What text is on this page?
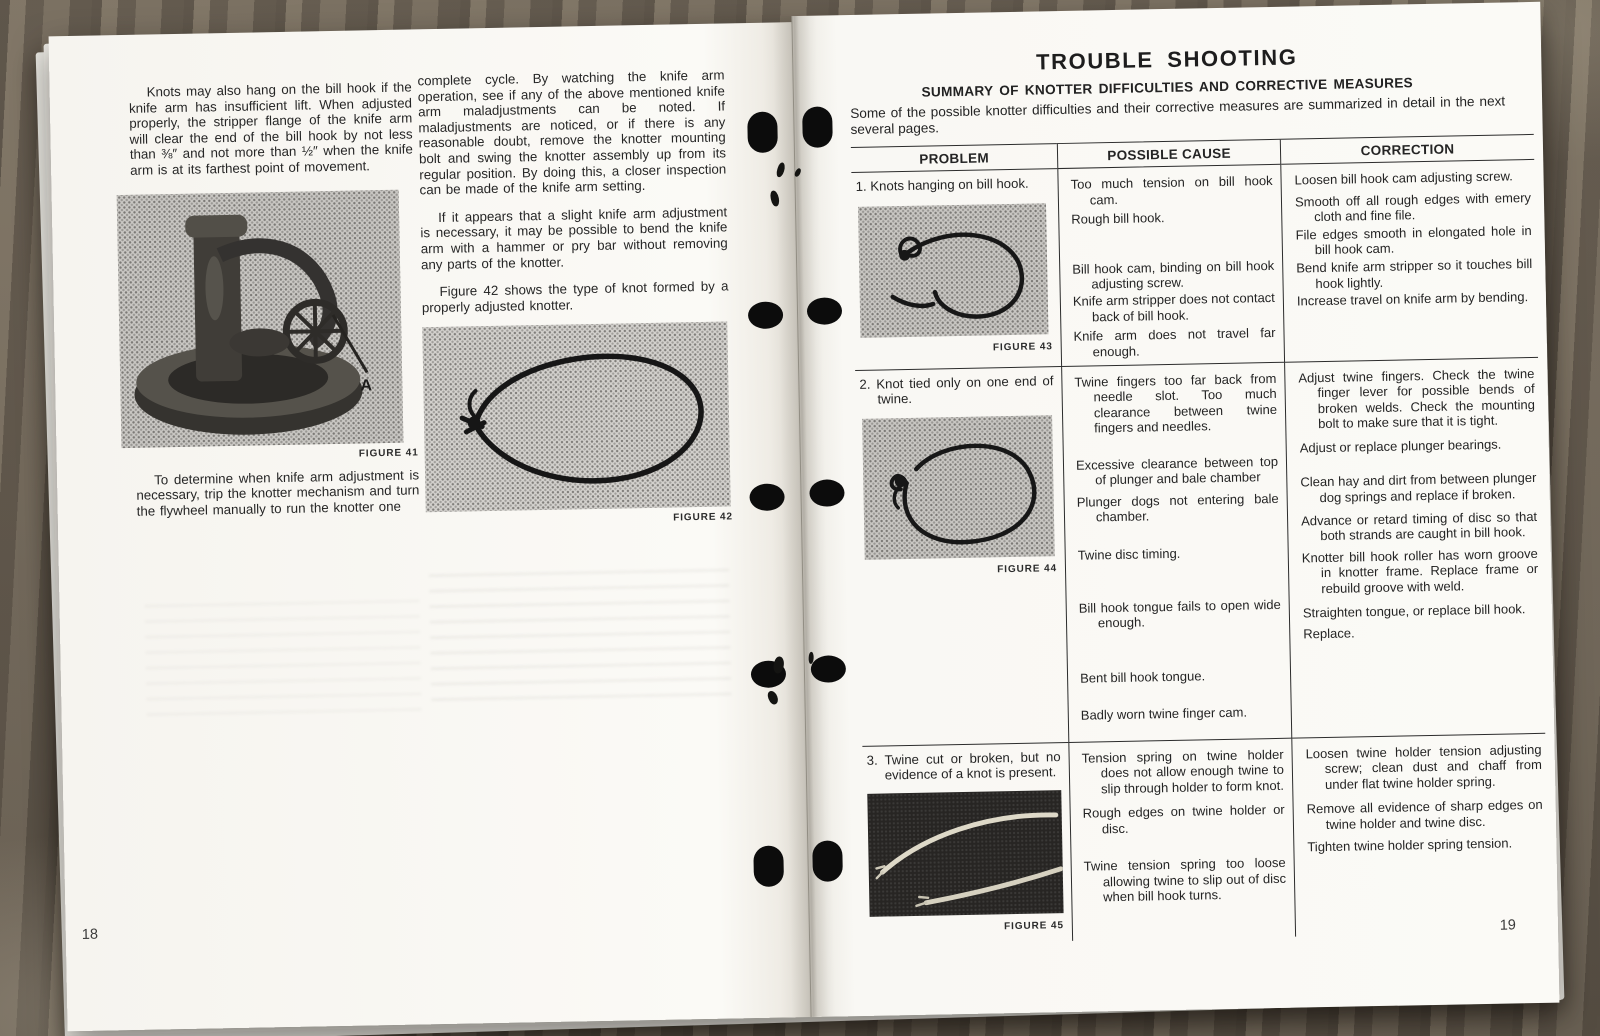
Knots may also hang on the bill hook if the knife arm has insufficient lift. When adjusted properly, the stripper flange of the knife arm will clear the end of the bill hook by not less than ⅜″ and not more than ½″ when the knife arm is at its farthest point of movement.

A
FIGURE 41

To determine when knife arm adjustment is necessary, trip the knotter mechanism and turn the flywheel manually to run the knotter one

complete cycle. By watching the knife arm operation, see if any of the above mentioned knife arm maladjustments can be noted. If maladjustments are noticed, or if there is any reasonable doubt, remove the knotter mounting bolt and swing the knotter assembly up from its regular position. By doing this, a closer inspection can be made of the knife arm setting.

If it appears that a slight knife arm adjustment is necessary, it may be possible to bend the knife arm with a hammer or pry bar without removing any parts of the knotter.

Figure 42 shows the type of knot formed by a properly adjusted knotter.

FIGURE 42
18
TROUBLE SHOOTING
SUMMARY OF KNOTTER DIFFICULTIES AND CORRECTIVE MEASURES

Some of the possible knotter difficulties and their corrective measures are summarized in detail in the next several pages.

PROBLEM	POSSIBLE CAUSE	CORRECTION

1. Knots hanging on bill hook.

FIGURE 43

Too much tension on bill hook cam.

Rough bill hook.

Bill hook cam, binding on bill hook adjusting screw.

Knife arm stripper does not contact back of bill hook.

Knife arm does not travel far enough.

Loosen bill hook cam adjusting screw.

Smooth off all rough edges with emery cloth and fine file.

File edges smooth in elongated hole in bill hook cam.

Bend knife arm stripper so it touches bill hook lightly.

Increase travel on knife arm by bending.

2. Knot tied only on one end of twine.

FIGURE 44

Twine fingers too far back from needle slot. Too much clearance between twine fingers and needles.

Excessive clearance between top of plunger and bale chamber

Plunger dogs not entering bale chamber.

Twine disc timing.

Bill hook tongue fails to open wide enough.

Bent bill hook tongue.

Badly worn twine finger cam.

Adjust twine fingers. Check the twine finger lever for possible bends of broken welds. Check the mounting bolt to make sure that it is tight.

Adjust or replace plunger bearings.

Clean hay and dirt from between plunger dog springs and replace if broken.

Advance or retard timing of disc so that both strands are caught in bill hook.

Knotter bill hook roller has worn groove in knotter frame. Replace frame or rebuild groove with weld.

Straighten tongue, or replace bill hook.

Replace.

3. Twine cut or broken, but no evidence of a knot is present.

FIGURE 45

Tension spring on twine holder does not allow enough twine to slip through holder to form knot.

Rough edges on twine holder or disc.

Twine tension spring too loose allowing twine to slip out of disc when bill hook turns.

Loosen twine holder tension adjusting screw; clean dust and chaff from under flat twine holder spring.

Remove all evidence of sharp edges on twine holder and twine disc.

Tighten twine holder spring tension.

19
